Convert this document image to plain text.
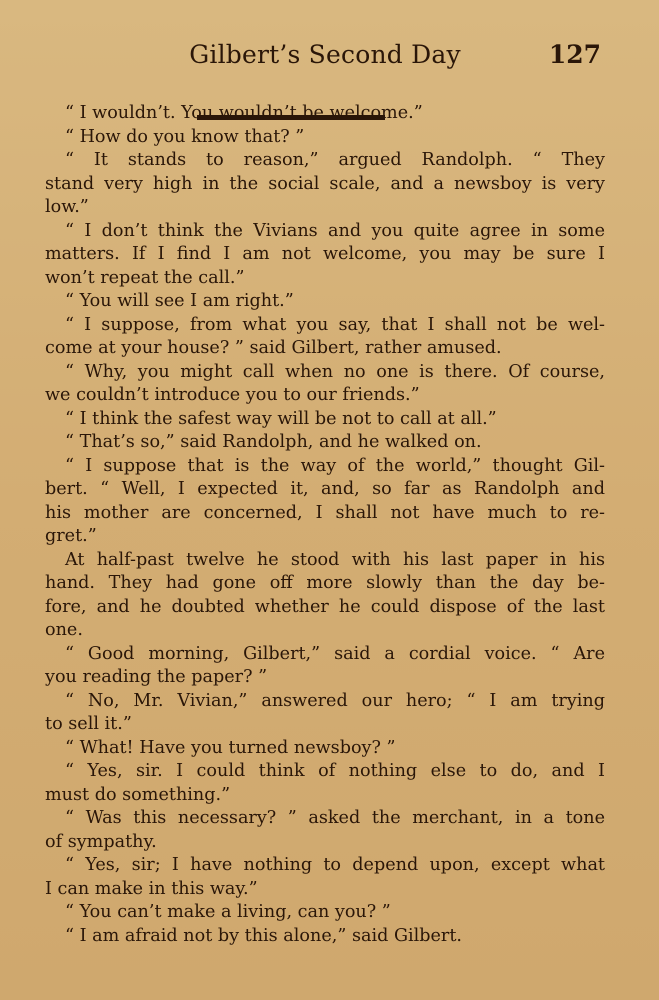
Gilbert’s Second Day	127
“ I wouldn’t. You wouldn’t be welcome.”
“ How do you know that? ”
“ It stands to reason,” argued Randolph. “ They
stand very high in the social scale, and a newsboy is very
low.”
“ I don’t think the Vivians and you quite agree in some
matters. If I find I am not welcome, you may be sure I
won’t repeat the call.”
“ You will see I am right.”
“ I suppose, from what you say, that I shall not be wel-
come at your house? ” said Gilbert, rather amused.
“ Why, you might call when no one is there. Of course,
we couldn’t introduce you to our friends.”
“ I think the safest way will be not to call at all.”
“ That’s so,” said Randolph, and he walked on.
“ I suppose that is the way of the world,” thought Gil-
bert. “ Well, I expected it, and, so far as Randolph and
his mother are concerned, I shall not have much to re-
gret.”
At half-past twelve he stood with his last paper in his
hand. They had gone off more slowly than the day be-
fore, and he doubted whether he could dispose of the last
one.
“ Good morning, Gilbert,” said a cordial voice. “ Are
you reading the paper? ”
“ No, Mr. Vivian,” answered our hero; “ I am trying
to sell it.”
“ What! Have you turned newsboy? ”
“ Yes, sir. I could think of nothing else to do, and I
must do something.”
“ Was this necessary? ” asked the merchant, in a tone
of sympathy.
“ Yes, sir; I have nothing to depend upon, except what
I can make in this way.”
“ You can’t make a living, can you? ”
“ I am afraid not by this alone,” said Gilbert.
